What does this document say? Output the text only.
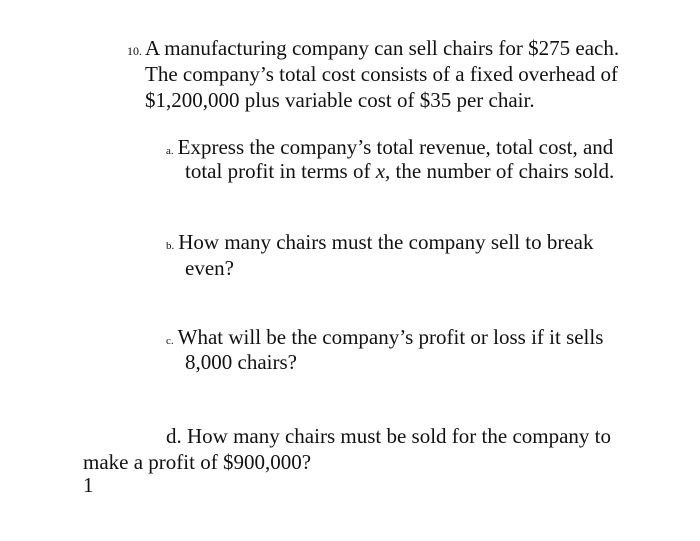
10. A manufacturing company can sell chairs for $275 each.
The company’s total cost consists of a fixed overhead of
$1,200,000 plus variable cost of $35 per chair.
a. Express the company’s total revenue, total cost, and
total profit in terms of x, the number of chairs sold.
b. How many chairs must the company sell to break
even?
c. What will be the company’s profit or loss if it sells
8,000 chairs?
d. How many chairs must be sold for the company to
make a profit of $900,000?
1
